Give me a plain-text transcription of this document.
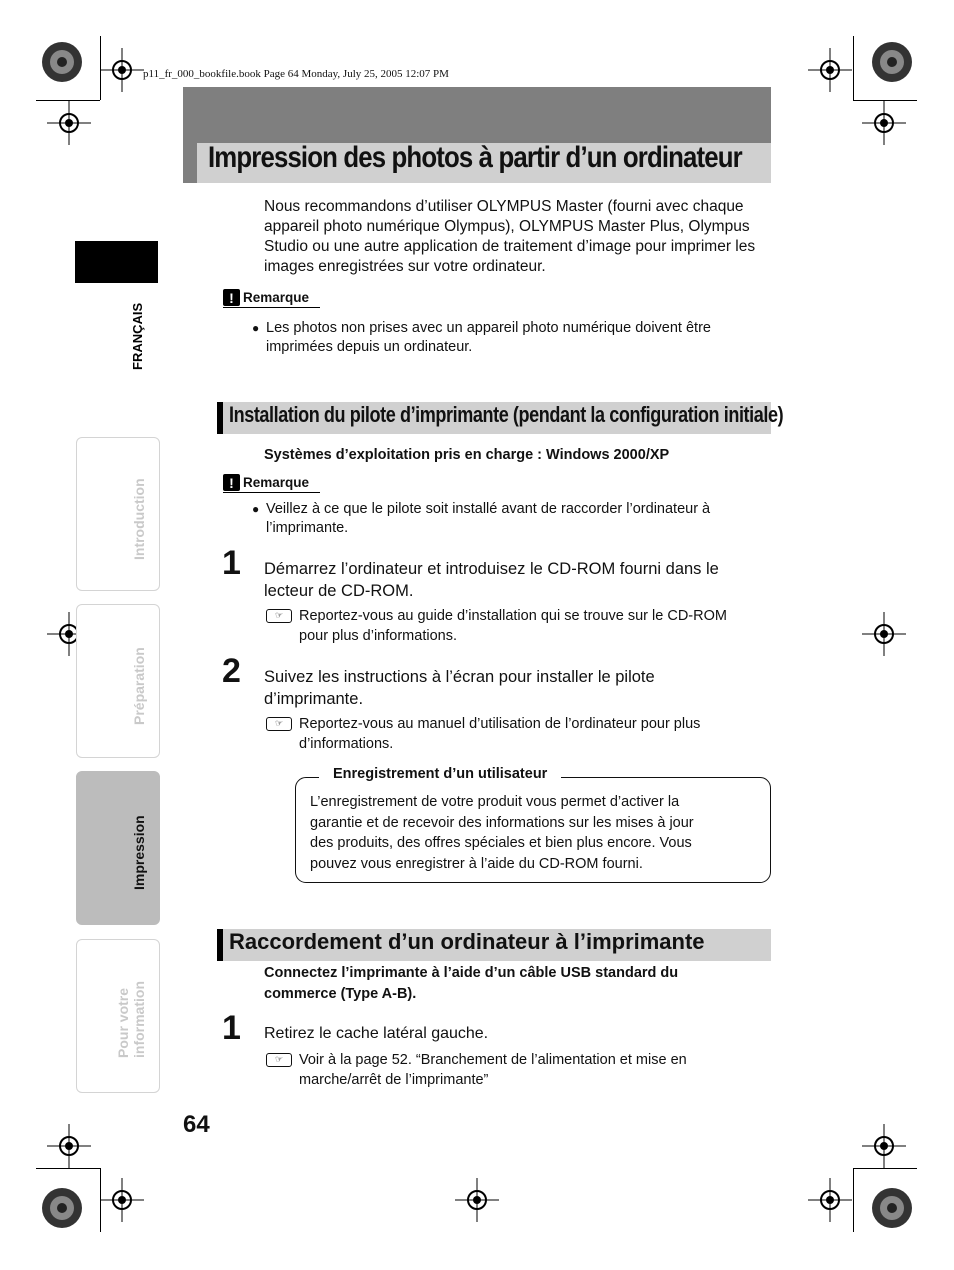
p11_fr_000_bookfile.book Page 64 Monday, July 25, 2005 12:07 PM
Impression des photos à partir d’un ordinateur
FRANÇAIS
Introduction
Préparation
Impression
Pour votre information
Nous recommandons d’utiliser OLYMPUS Master (fourni avec chaque
appareil photo numérique Olympus), OLYMPUS Master Plus, Olympus
Studio ou une autre application de traitement d’image pour imprimer les
images enregistrées sur votre ordinateur.
! Remarque
● Les photos non prises avec un appareil photo numérique doivent être
imprimées depuis un ordinateur.
Installation du pilote d’imprimante (pendant la configuration initiale)
Systèmes d’exploitation pris en charge : Windows 2000/XP
! Remarque
● Veillez à ce que le pilote soit installé avant de raccorder l’ordinateur à
l’imprimante.
1 Démarrez l’ordinateur et introduisez le CD-ROM fourni dans le
lecteur de CD-ROM.
☞	Reportez-vous au guide d’installation qui se trouve sur le CD-ROM
pour plus d’informations.
2 Suivez les instructions à l’écran pour installer le pilote
d’imprimante.
☞	Reportez-vous au manuel d’utilisation de l’ordinateur pour plus
d’informations.
Enregistrement d’un utilisateur
L’enregistrement de votre produit vous permet d’activer la
garantie et de recevoir des informations sur les mises à jour
des produits, des offres spéciales et bien plus encore. Vous
pouvez vous enregistrer à l’aide du CD-ROM fourni.
Raccordement d’un ordinateur à l’imprimante
Connectez l’imprimante à l’aide d’un câble USB standard du
commerce (Type A-B).
1 Retirez le cache latéral gauche.
☞	Voir à la page 52. “Branchement de l’alimentation et mise en
marche/arrêt de l’imprimante”
64
